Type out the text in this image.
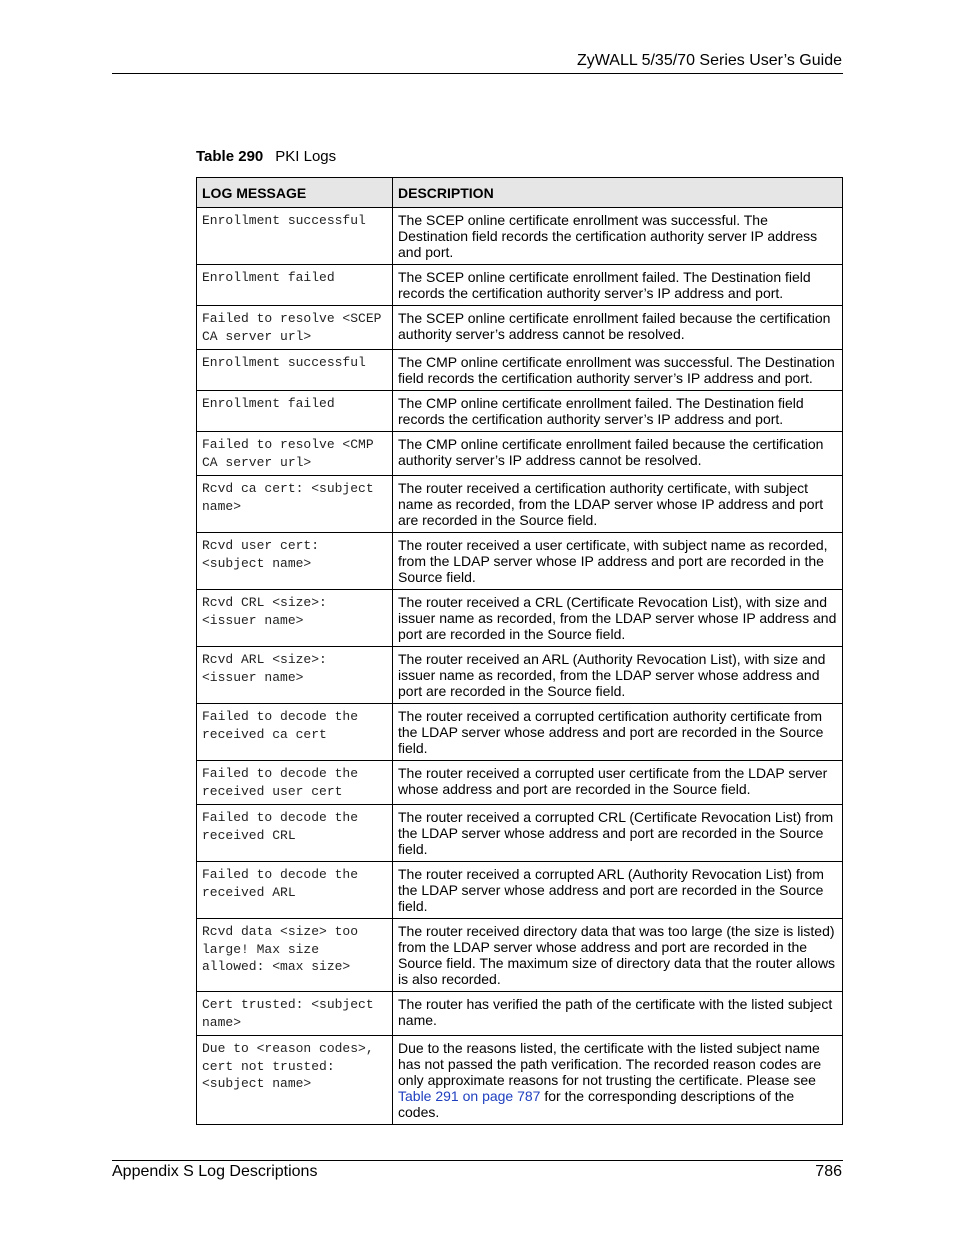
ZyWALL 5/35/70 Series User’s Guide
Table 290 PKI Logs
LOG MESSAGE	DESCRIPTION
Enrollment successful	The SCEP online certificate enrollment was successful. The Destination field records the certification authority server IP address and port.
Enrollment failed	The SCEP online certificate enrollment failed. The Destination field records the certification authority server’s IP address and port.
Failed to resolve <SCEP CA server url>	The SCEP online certificate enrollment failed because the certification authority server’s address cannot be resolved.
Enrollment successful	The CMP online certificate enrollment was successful. The Destination field records the certification authority server’s IP address and port.
Enrollment failed	The CMP online certificate enrollment failed. The Destination field records the certification authority server’s IP address and port.
Failed to resolve <CMP CA server url>	The CMP online certificate enrollment failed because the certification authority server’s IP address cannot be resolved.
Rcvd ca cert: <subject name>	The router received a certification authority certificate, with subject name as recorded, from the LDAP server whose IP address and port are recorded in the Source field.
Rcvd user cert: <subject name>	The router received a user certificate, with subject name as recorded, from the LDAP server whose IP address and port are recorded in the Source field.
Rcvd CRL <size>: <issuer name>	The router received a CRL (Certificate Revocation List), with size and issuer name as recorded, from the LDAP server whose IP address and port are recorded in the Source field.
Rcvd ARL <size>: <issuer name>	The router received an ARL (Authority Revocation List), with size and issuer name as recorded, from the LDAP server whose address and port are recorded in the Source field.
Failed to decode the received ca cert	The router received a corrupted certification authority certificate from the LDAP server whose address and port are recorded in the Source field.
Failed to decode the received user cert	The router received a corrupted user certificate from the LDAP server whose address and port are recorded in the Source field.
Failed to decode the received CRL	The router received a corrupted CRL (Certificate Revocation List) from the LDAP server whose address and port are recorded in the Source field.
Failed to decode the received ARL	The router received a corrupted ARL (Authority Revocation List) from the LDAP server whose address and port are recorded in the Source field.
Rcvd data <size> too large! Max size allowed: <max size>	The router received directory data that was too large (the size is listed) from the LDAP server whose address and port are recorded in the Source field. The maximum size of directory data that the router allows is also recorded.
Cert trusted: <subject name>	The router has verified the path of the certificate with the listed subject name.
Due to <reason codes>, cert not trusted: <subject name>	Due to the reasons listed, the certificate with the listed subject name has not passed the path verification. The recorded reason codes are only approximate reasons for not trusting the certificate. Please see Table 291 on page 787 for the corresponding descriptions of the codes.
Appendix S Log Descriptions	786
